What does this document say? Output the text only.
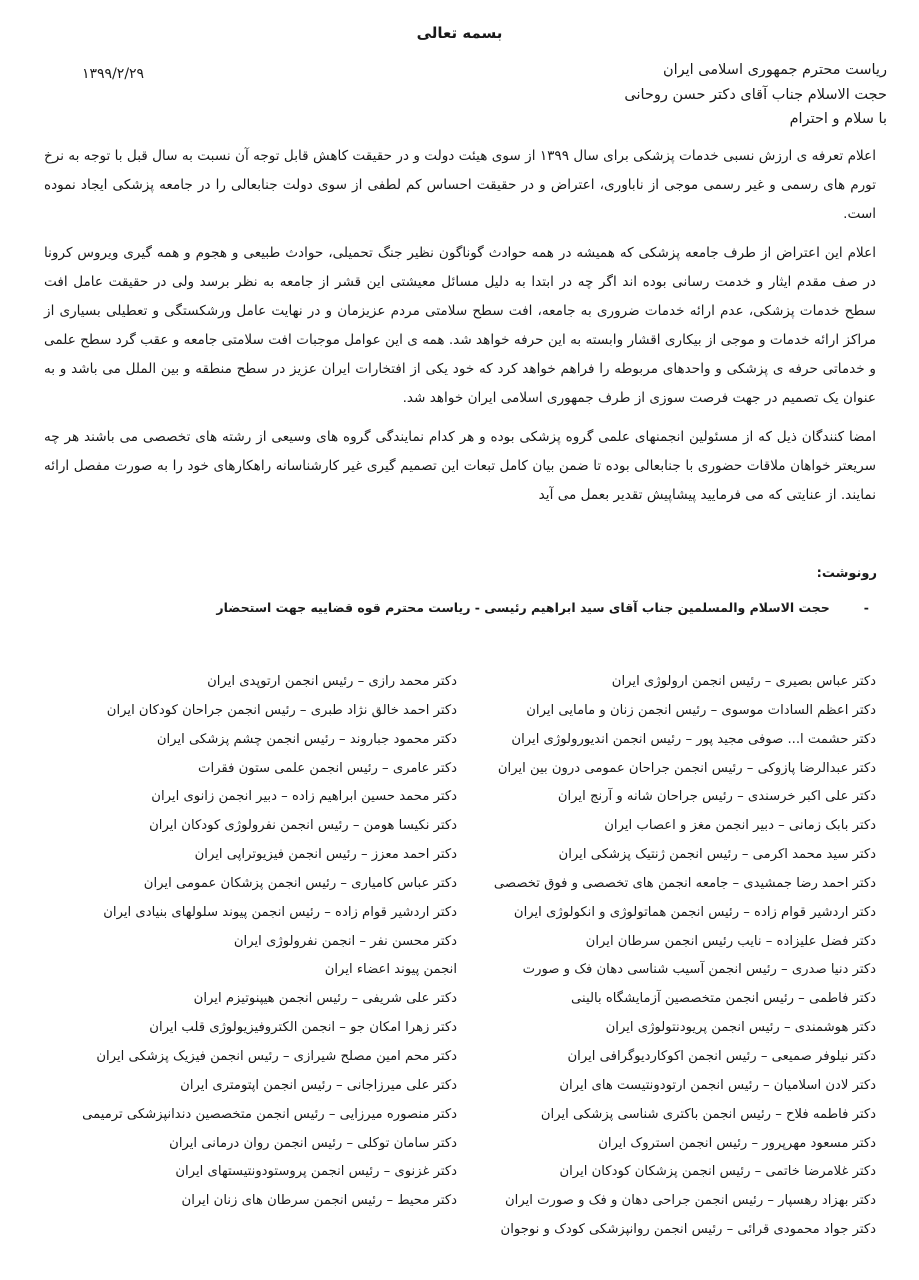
بسمه تعالی
۱۳۹۹/۲/۲۹	ریاست محترم جمهوری اسلامی ایران
حجت الاسلام جناب آقای دکتر حسن روحانی
با سلام و احترام

اعلام تعرفه ی ارزش نسبی خدمات پزشکی برای سال ۱۳۹۹ از سوی هیئت دولت و در حقیقت کاهش قابل توجه آن نسبت به سال قبل با توجه به نرخ تورم های رسمی و غیر رسمی موجی از ناباوری، اعتراض و در حقیقت احساس کم لطفی از سوی دولت جنابعالی را در جامعه پزشکی ایجاد نموده است.

اعلام این اعتراض از طرف جامعه پزشکی که همیشه در همه حوادث گوناگون نظیر جنگ تحمیلی، حوادث طبیعی و هجوم و همه گیری ویروس کرونا در صف مقدم ایثار و خدمت رسانی بوده اند اگر چه در ابتدا به دلیل مسائل معیشتی این قشر از جامعه به نظر برسد ولی در حقیقت عامل افت سطح خدمات پزشکی، عدم ارائه خدمات ضروری به جامعه، افت سطح سلامتی مردم عزیزمان و در نهایت عامل ورشکستگی و تعطیلی بسیاری از مراکز ارائه خدمات و موجی از بیکاری اقشار وابسته به این حرفه خواهد شد. همه ی این عوامل موجبات افت سلامتی جامعه و عقب گرد سطح علمی و خدماتی حرفه ی پزشکی و واحدهای مربوطه را فراهم خواهد کرد که خود یکی از افتخارات ایران عزیز در سطح منطقه و بین الملل می باشد و به عنوان یک تصمیم در جهت فرصت سوزی از طرف جمهوری اسلامی ایران خواهد شد.

امضا کنندگان ذیل که از مسئولین انجمنهای علمی گروه پزشکی بوده و هر کدام نمایندگی گروه های وسیعی از رشته های تخصصی می باشند هر چه سریعتر خواهان ملاقات حضوری با جنابعالی بوده تا ضمن بیان کامل تبعات این تصمیم گیری غیر کارشناسانه راهکارهای خود را به صورت مفصل ارائه نمایند. از عنایتی که می فرمایید پیشاپیش تقدیر بعمل می آید

رونوشت:
-حجت الاسلام والمسلمین جناب آقای سید ابراهیم رئیسی - ریاست محترم قوه قضاییه جهت استحضار
دکتر عباس بصیری – رئیس انجمن ارولوژی ایران
دکتر اعظم السادات موسوی – رئیس انجمن زنان و مامایی ایران
دکتر حشمت ا... صوفی مجید پور – رئیس انجمن اندیورولوژی ایران
دکتر عبدالرضا پازوکی – رئیس انجمن جراحان عمومی درون بین ایران
دکتر علی اکبر خرسندی – رئیس جراحان شانه و آرنج ایران
دکتر بابک زمانی – دبیر انجمن مغز و اعصاب ایران
دکتر سید محمد اکرمی – رئیس انجمن ژنتیک پزشکی ایران
دکتر احمد رضا جمشیدی – جامعه انجمن های تخصصی و فوق تخصصی
دکتر اردشیر قوام زاده – رئیس انجمن هماتولوژی و انکولوژی ایران
دکتر فضل علیزاده – نایب رئیس انجمن سرطان ایران
دکتر دنیا صدری – رئیس انجمن آسیب شناسی دهان فک و صورت
دکتر فاطمی – رئیس انجمن متخصصین آزمایشگاه بالینی
دکتر هوشمندی – رئیس انجمن پریودنتولوژی ایران
دکتر نیلوفر صمیعی – رئیس انجمن اکوکاردیوگرافی ایران
دکتر لادن اسلامیان – رئیس انجمن ارتودونتیست های ایران
دکتر فاطمه فلاح – رئیس انجمن باکتری شناسی پزشکی ایران
دکتر مسعود مهرپرور – رئیس انجمن استروک ایران
دکتر غلامرضا خاتمی – رئیس انجمن پزشکان کودکان ایران
دکتر بهزاد رهسپار – رئیس انجمن جراحی دهان و فک و صورت ایران
دکتر جواد محمودی قرائی – رئیس انجمن روانپزشکی کودک و نوجوان
دکتر محمد رازی – رئیس انجمن ارتوپدی ایران
دکتر احمد خالق نژاد طبری – رئیس انجمن جراحان کودکان ایران
دکتر محمود جباروند – رئیس انجمن چشم پزشکی ایران
دکتر عامری – رئیس انجمن علمی ستون فقرات
دکتر محمد حسین ابراهیم زاده – دبیر انجمن زانوی ایران
دکتر نکیسا هومن – رئیس انجمن نفرولوژی کودکان ایران
دکتر احمد معزز – رئیس انجمن فیزیوتراپی ایران
دکتر عباس کامیاری – رئیس انجمن پزشکان عمومی ایران
دکتر اردشیر قوام زاده – رئیس انجمن پیوند سلولهای بنیادی ایران
دکتر محسن نفر – انجمن نفرولوژی ایران
انجمن پیوند اعضاء ایران
دکتر علی شریفی – رئیس انجمن هیپنوتیزم ایران
دکتر زهرا امکان جو – انجمن الکتروفیزیولوژی قلب ایران
دکتر محم امین مصلح شیرازی – رئیس انجمن فیزیک پزشکی ایران
دکتر علی میرزاجانی – رئیس انجمن اپتومتری ایران
دکتر منصوره میرزایی – رئیس انجمن متخصصین دندانپزشکی ترمیمی
دکتر سامان توکلی – رئیس انجمن روان درمانی ایران
دکتر غزنوی – رئیس انجمن پروستودونتیستهای ایران
دکتر محیط – رئیس انجمن سرطان های زنان ایران
